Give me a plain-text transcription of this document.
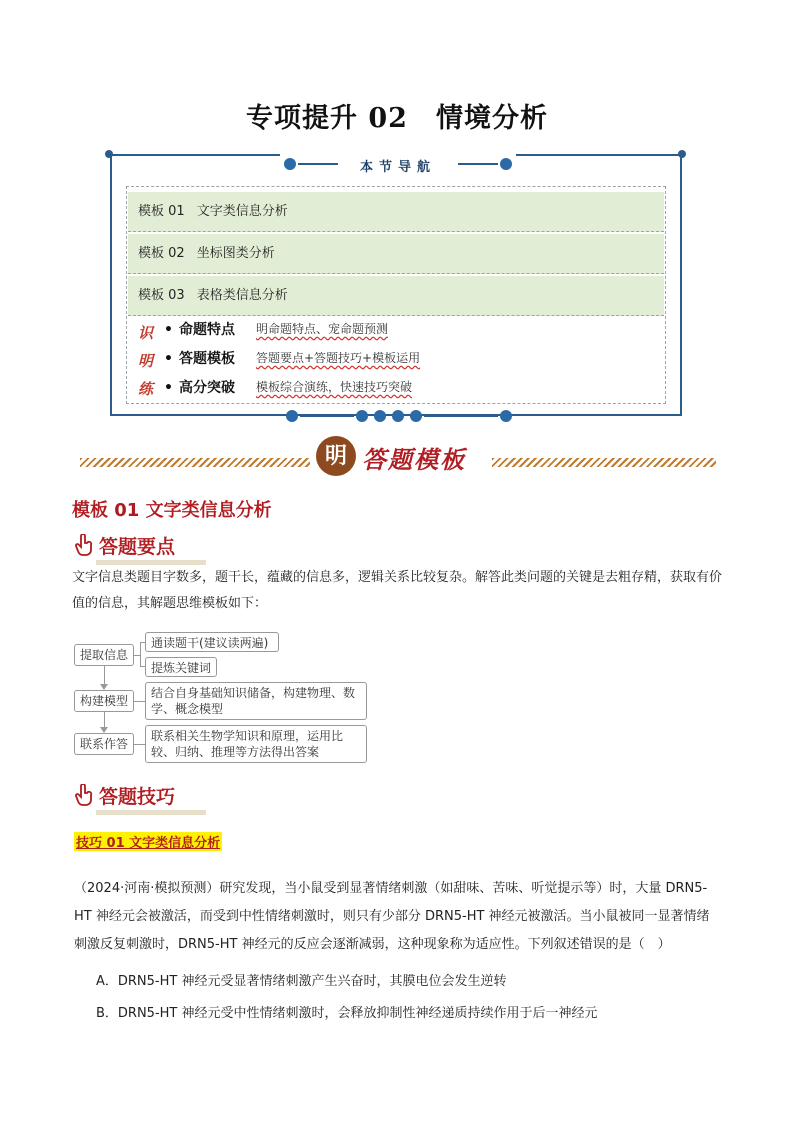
专项提升 02　情境分析
本节导航
模板 01 文字类信息分析
模板 02 坐标图类分析
模板 03 表格类信息分析
识
明
练
• 命题特点 明命题特点、宠命题预测
• 答题模板 答题要点+答题技巧+模板运用
• 高分突破 模板综合演练，快速技巧突破
明 答题模板
模板 01 文字类信息分析
答题要点
文字信息类题目字数多，题干长，蕴藏的信息多，逻辑关系比较复杂。解答此类问题的关键是去粗存精，获取有价值的信息，其解题思维模板如下：
提取信息
构建模型
联系作答
通读题干(建议读两遍)
提炼关键词
结合自身基础知识储备，构建物理、数学、概念模型
联系相关生物学知识和原理，运用比较、归纳、推理等方法得出答案
答题技巧
技巧 01 文字类信息分析
（2024·河南·模拟预测）研究发现，当小鼠受到显著情绪刺激（如甜味、苦味、听觉提示等）时，大量 DRN5-HT 神经元会被激活，而受到中性情绪刺激时，则只有少部分 DRN5-HT 神经元被激活。当小鼠被同一显著情绪刺激反复刺激时，DRN5-HT 神经元的反应会逐渐减弱，这种现象称为适应性。下列叙述错误的是（　）
A．DRN5-HT 神经元受显著情绪刺激产生兴奋时，其膜电位会发生逆转
B．DRN5-HT 神经元受中性情绪刺激时，会释放抑制性神经递质持续作用于后一神经元
